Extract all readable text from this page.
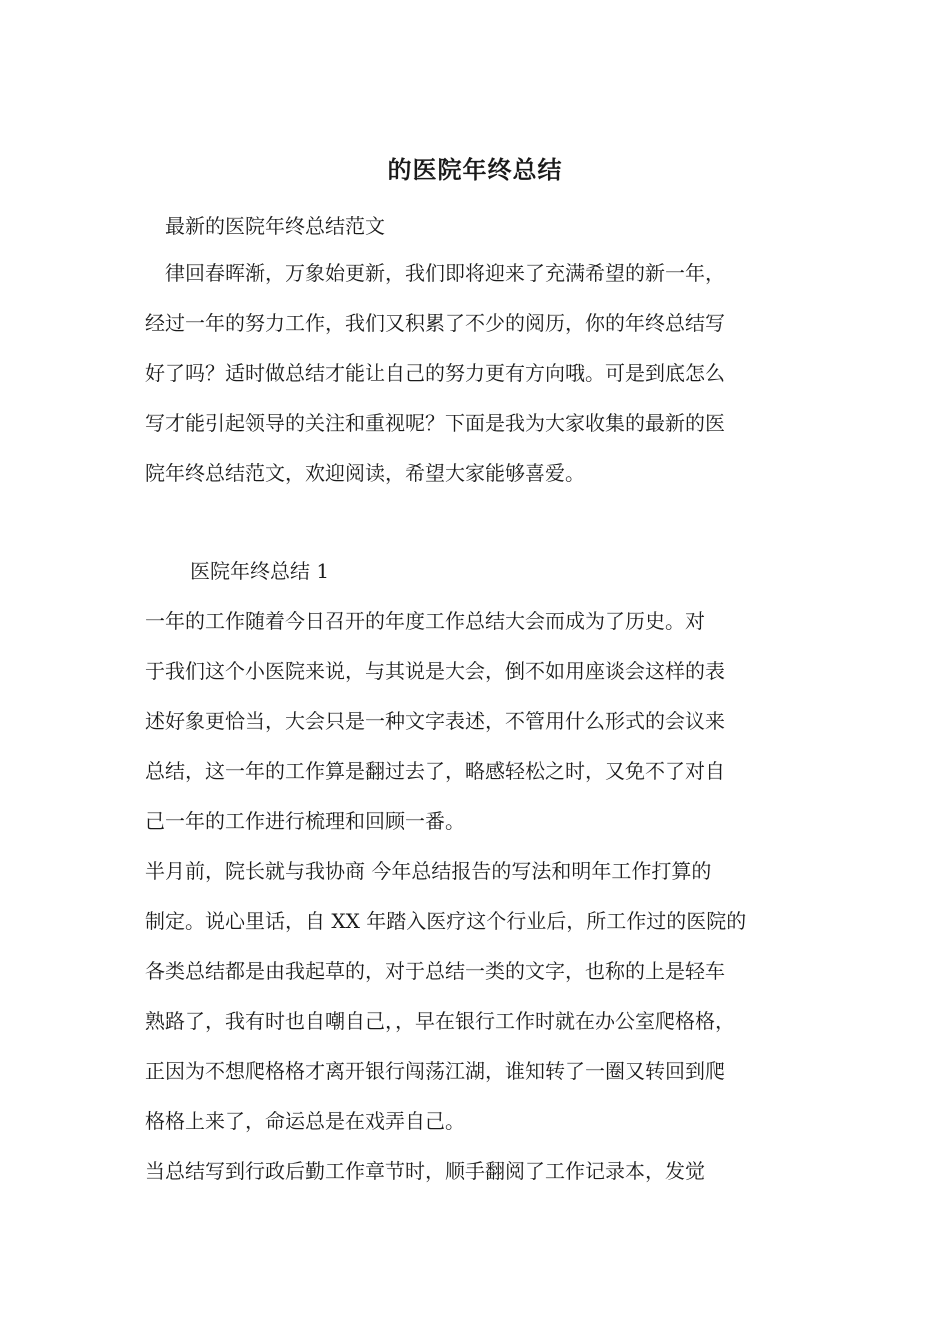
的医院年终总结
最新的医院年终总结范文

　律回春晖渐，万象始更新，我们即将迎来了充满希望的新一年，
经过一年的努力工作，我们又积累了不少的阅历，你的年终总结写
好了吗？适时做总结才能让自己的努力更有方向哦。可是到底怎么
写才能引起领导的关注和重视呢？下面是我为大家收集的最新的医
院年终总结范文，欢迎阅读，希望大家能够喜爱。

医院年终总结 1

一年的工作随着今日召开的年度工作总结大会而成为了历史。对
于我们这个小医院来说，与其说是大会，倒不如用座谈会这样的表
述好象更恰当，大会只是一种文字表述，不管用什么形式的会议来
总结，这一年的工作算是翻过去了，略感轻松之时，又免不了对自
己一年的工作进行梳理和回顾一番。

半月前，院长就与我协商 今年总结报告的写法和明年工作打算的
制定。说心里话，自 XX 年踏入医疗这个行业后，所工作过的医院的
各类总结都是由我起草的，对于总结一类的文字，也称的上是轻车
熟路了，我有时也自嘲自己，，早在银行工作时就在办公室爬格格，
正因为不想爬格格才离开银行闯荡江湖，谁知转了一圈又转回到爬
格格上来了，命运总是在戏弄自己。

当总结写到行政后勤工作章节时，顺手翻阅了工作记录本，发觉
